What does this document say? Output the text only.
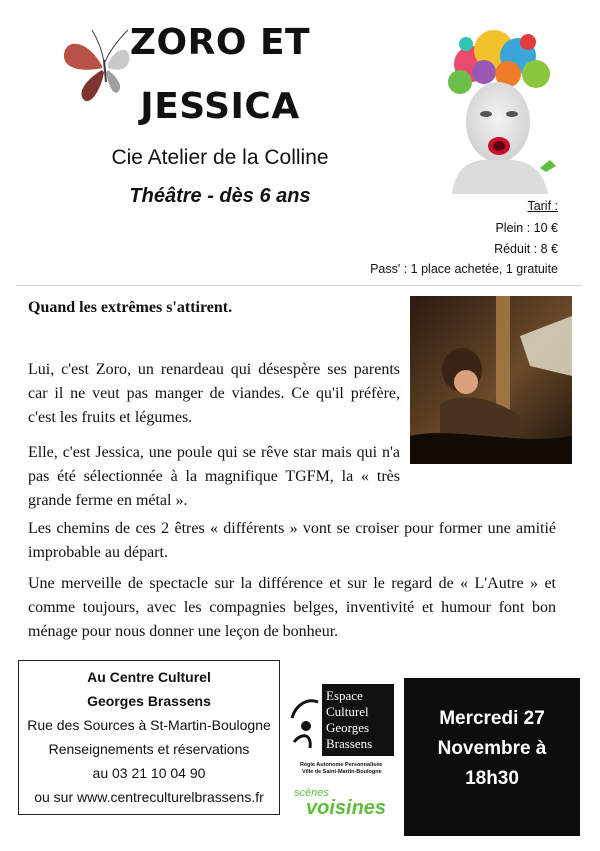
ZORO ET
JESSICA
Cie Atelier de la Colline
Théâtre - dès 6 ans	Tarif :
Plein : 10 €
Réduit : 8 €
Pass' : 1 place achetée, 1 gratuite
Quand les extrêmes s'attirent.
Lui, c'est Zoro, un renardeau qui désespère ses parents car il ne veut pas manger de viandes. Ce qu'il préfère, c'est les fruits et légumes.
Elle, c'est Jessica, une poule qui se rêve star mais qui n'a pas été sélectionnée à la magnifique TGFM, la « très grande ferme en métal ».
Les chemins de ces 2 êtres « différents » vont se croiser pour former une amitié improbable au départ.
Une merveille de spectacle sur la différence et sur le regard de « L'Autre » et comme toujours, avec les compagnies belges, inventivité et humour font bon ménage pour nous donner une leçon de bonheur.
Au Centre Culturel
Georges Brassens
Rue des Sources à St-Martin-Boulogne
Renseignements et réservations
au 03 21 10 04 90
ou sur www.centreculturelbrassens.fr
Espace
Culturel
Georges
Brassens
Régie Autonome Personnalisée
Ville de Saint-Martin-Boulogne
scènes
voisines
Mercredi 27
Novembre à
18h30
